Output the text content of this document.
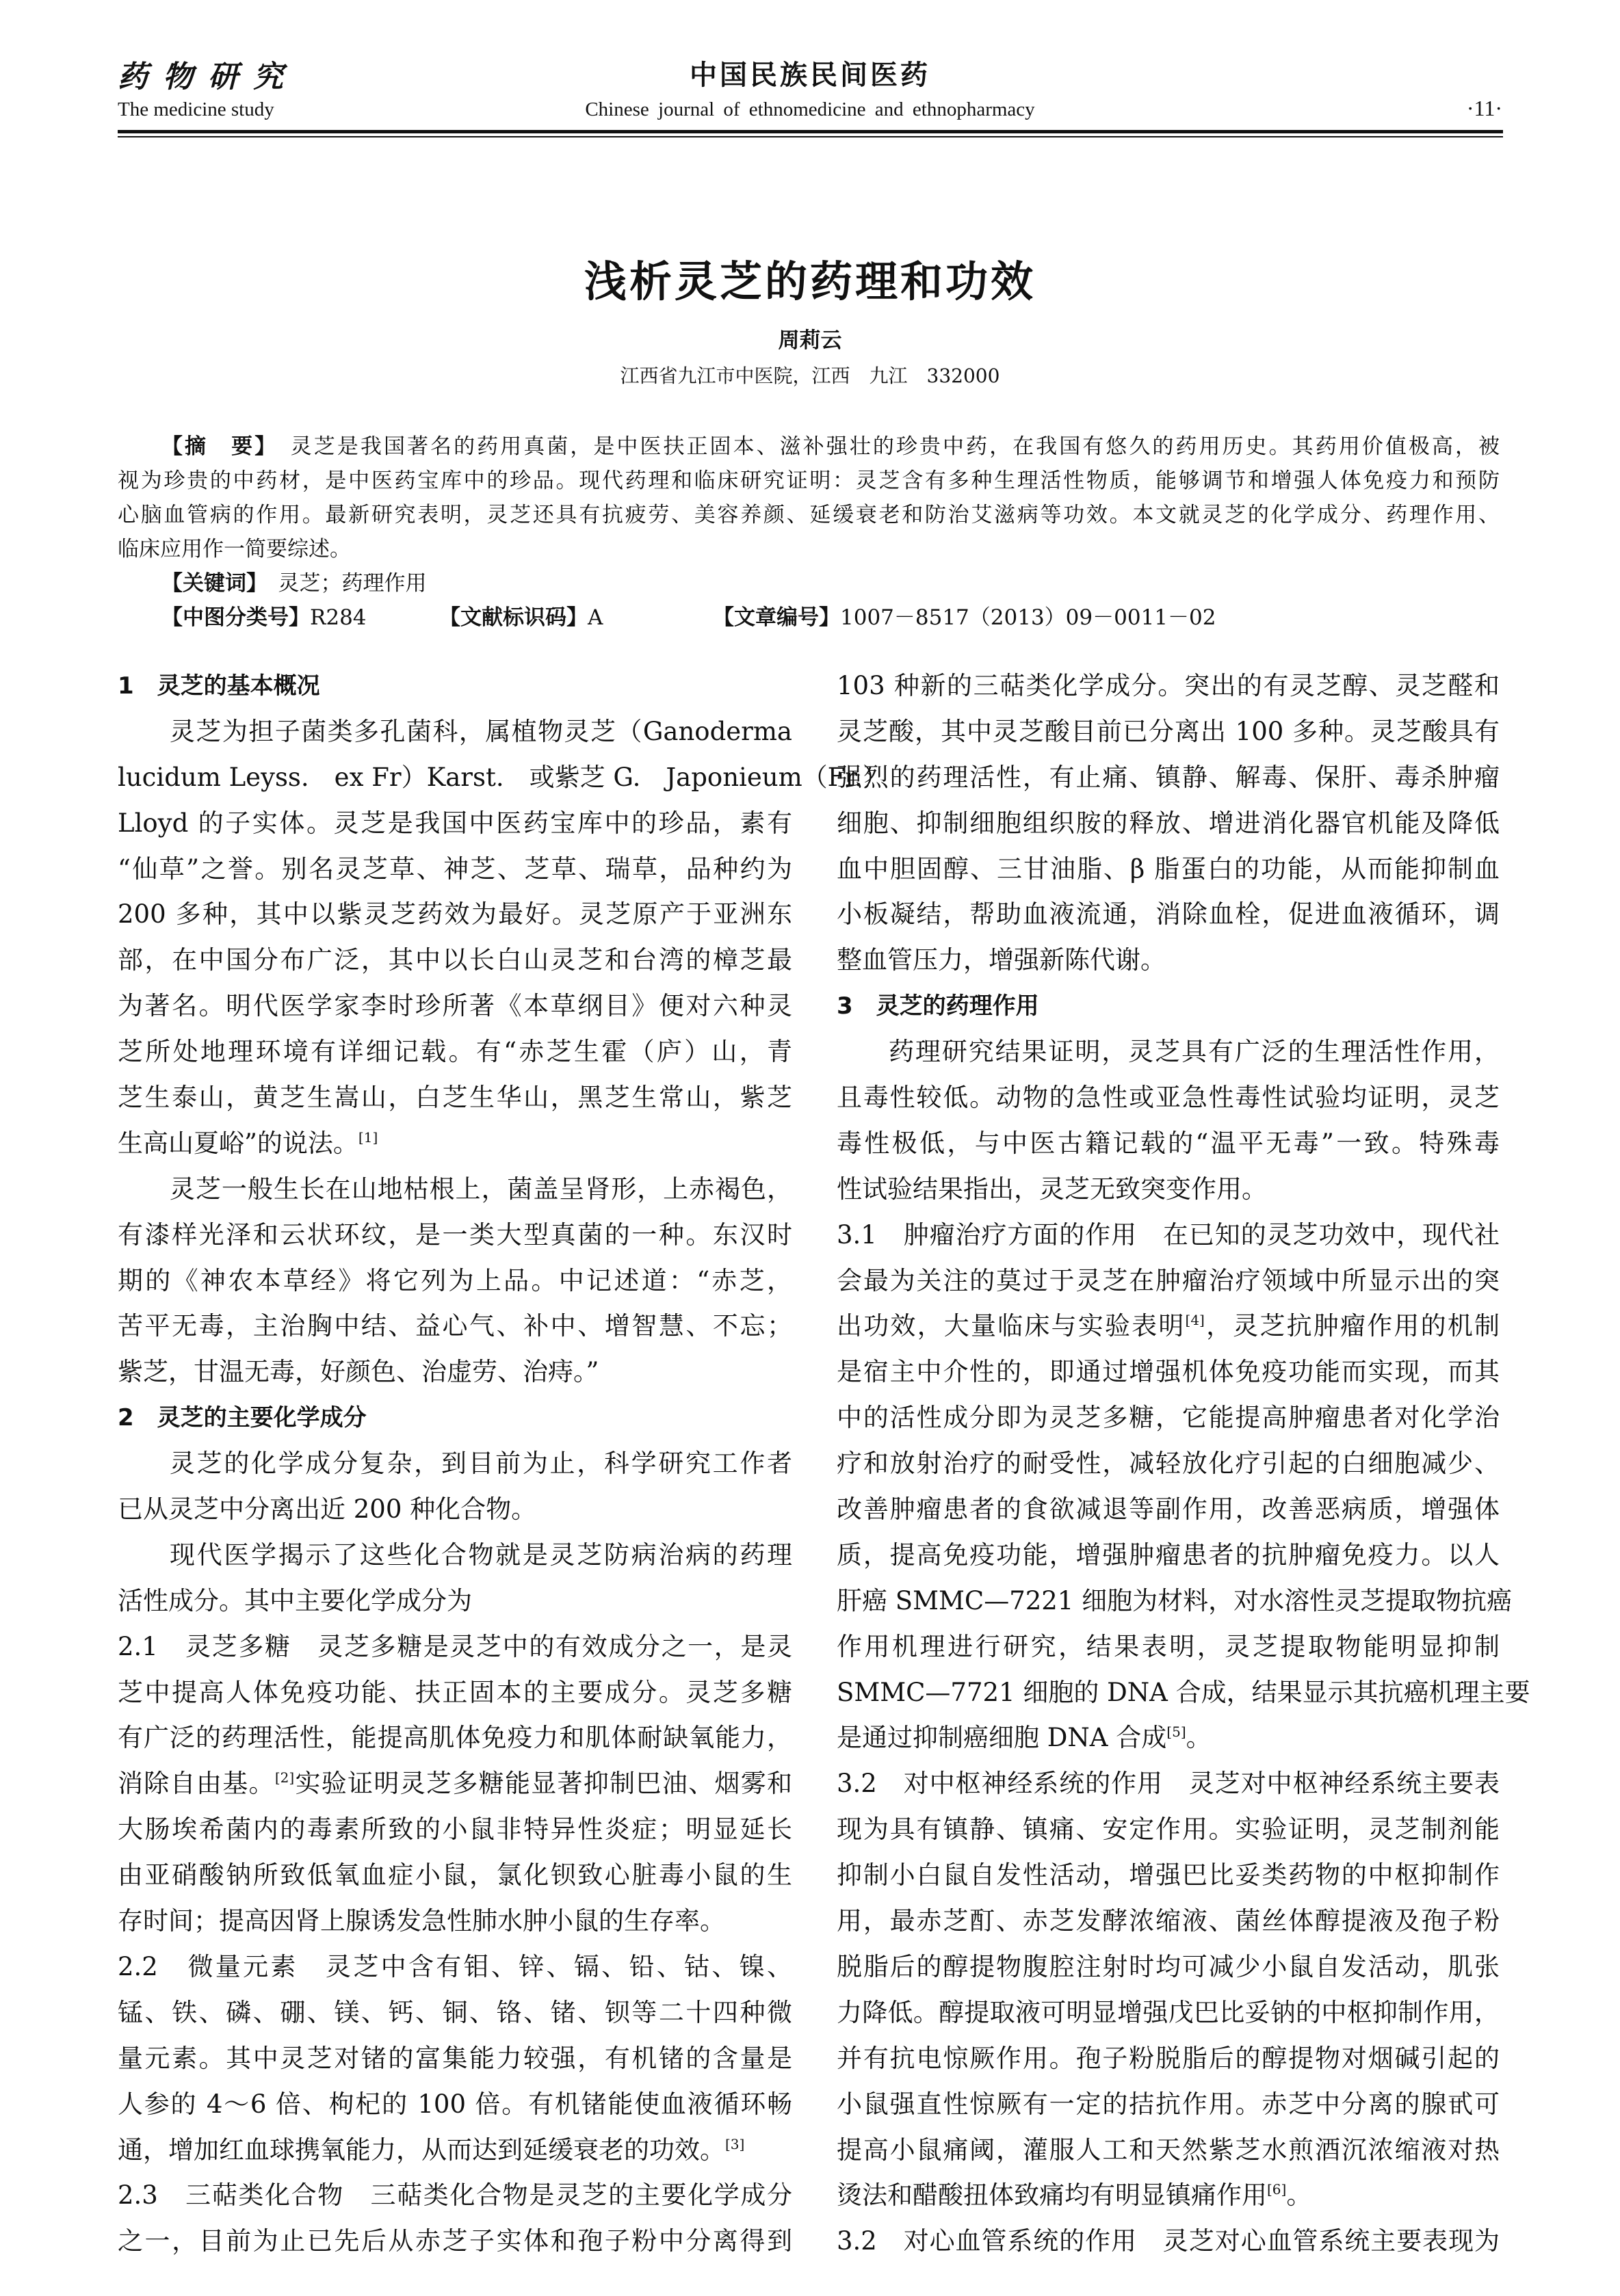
药物研究	中国民族民间医药
The medicine study	Chinese journal of ethnomedicine and ethnopharmacy	·11·
浅析灵芝的药理和功效
周莉云
江西省九江市中医院，江西　九江　332000
【摘　要】　 灵芝是我国著名的药用真菌，是中医扶正固本、滋补强壮的珍贵中药，在我国有悠久的药用历史。其药用价值极高，被
视为珍贵的中药材，是中医药宝库中的珍品。现代药理和临床研究证明：灵芝含有多种生理活性物质，能够调节和增强人体免疫力和预防
心脑血管病的作用。最新研究表明，灵芝还具有抗疲劳、美容养颜、延缓衰老和防治艾滋病等功效。本文就灵芝的化学成分、药理作用、
临床应用作一简要综述。
【关键词】　 灵芝；药理作用
【中图分类号】R284	【文献标识码】A	【文章编号】1007－8517（2013）09－0011－02
1　灵芝的基本概况
灵芝为担子菌类多孔菌科，属植物灵芝（Ganoderma
lucidum Leyss.　ex Fr）Karst.　或紫芝 G.　Japonieum（Fr.）
Lloyd 的子实体。灵芝是我国中医药宝库中的珍品，素有
“仙草”之誉。别名灵芝草、神芝、芝草、瑞草，品种约为
200 多种，其中以紫灵芝药效为最好。灵芝原产于亚洲东
部，在中国分布广泛，其中以长白山灵芝和台湾的樟芝最
为著名。明代医学家李时珍所著《本草纲目》便对六种灵
芝所处地理环境有详细记载。有“赤芝生霍（庐）山，青
芝生泰山，黄芝生嵩山，白芝生华山，黑芝生常山，紫芝
生高山夏峪”的说法。[1]
灵芝一般生长在山地枯根上，菌盖呈肾形，上赤褐色，
有漆样光泽和云状环纹，是一类大型真菌的一种。东汉时
期的《神农本草经》将它列为上品。中记述道：“赤芝，
苦平无毒，主治胸中结、益心气、补中、增智慧、不忘；
紫芝，甘温无毒，好颜色、治虚劳、治痔。”
2　灵芝的主要化学成分
灵芝的化学成分复杂，到目前为止，科学研究工作者
已从灵芝中分离出近 200 种化合物。
现代医学揭示了这些化合物就是灵芝防病治病的药理
活性成分。其中主要化学成分为
2.1　灵芝多糖　灵芝多糖是灵芝中的有效成分之一，是灵
芝中提高人体免疫功能、扶正固本的主要成分。灵芝多糖
有广泛的药理活性，能提高肌体免疫力和肌体耐缺氧能力，
消除自由基。[2]实验证明灵芝多糖能显著抑制巴油、烟雾和
大肠埃希菌内的毒素所致的小鼠非特异性炎症；明显延长
由亚硝酸钠所致低氧血症小鼠，氯化钡致心脏毒小鼠的生
存时间；提高因肾上腺诱发急性肺水肿小鼠的生存率。
2.2　微量元素　灵芝中含有钼、锌、镉、铅、钴、镍、
锰、铁、磷、硼、镁、钙、铜、铬、锗、钡等二十四种微
量元素。其中灵芝对锗的富集能力较强，有机锗的含量是
人参的 4～6 倍、枸杞的 100 倍。有机锗能使血液循环畅
通，增加红血球携氧能力，从而达到延缓衰老的功效。[3]
2.3　三萜类化合物　三萜类化合物是灵芝的主要化学成分
之一，目前为止已先后从赤芝子实体和孢子粉中分离得到
103 种新的三萜类化学成分。突出的有灵芝醇、灵芝醛和
灵芝酸，其中灵芝酸目前已分离出 100 多种。灵芝酸具有
强烈的药理活性，有止痛、镇静、解毒、保肝、毒杀肿瘤
细胞、抑制细胞组织胺的释放、增进消化器官机能及降低
血中胆固醇、三甘油脂、β 脂蛋白的功能，从而能抑制血
小板凝结，帮助血液流通，消除血栓，促进血液循环，调
整血管压力，增强新陈代谢。
3　灵芝的药理作用
药理研究结果证明，灵芝具有广泛的生理活性作用，
且毒性较低。动物的急性或亚急性毒性试验均证明，灵芝
毒性极低，与中医古籍记载的“温平无毒”一致。特殊毒
性试验结果指出，灵芝无致突变作用。
3.1　肿瘤治疗方面的作用　在已知的灵芝功效中，现代社
会最为关注的莫过于灵芝在肿瘤治疗领域中所显示出的突
出功效，大量临床与实验表明[4]，灵芝抗肿瘤作用的机制
是宿主中介性的，即通过增强机体免疫功能而实现，而其
中的活性成分即为灵芝多糖，它能提高肿瘤患者对化学治
疗和放射治疗的耐受性，减轻放化疗引起的白细胞减少、
改善肿瘤患者的食欲减退等副作用，改善恶病质，增强体
质，提高免疫功能，增强肿瘤患者的抗肿瘤免疫力。以人
肝癌 SMMC—7221 细胞为材料，对水溶性灵芝提取物抗癌
作用机理进行研究，结果表明，灵芝提取物能明显抑制
SMMC—7721 细胞的 DNA 合成，结果显示其抗癌机理主要
是通过抑制癌细胞 DNA 合成[5]。
3.2　对中枢神经系统的作用　灵芝对中枢神经系统主要表
现为具有镇静、镇痛、安定作用。实验证明，灵芝制剂能
抑制小白鼠自发性活动，增强巴比妥类药物的中枢抑制作
用，最赤芝酊、赤芝发酵浓缩液、菌丝体醇提液及孢子粉
脱脂后的醇提物腹腔注射时均可减少小鼠自发活动，肌张
力降低。醇提取液可明显增强戊巴比妥钠的中枢抑制作用，
并有抗电惊厥作用。孢子粉脱脂后的醇提物对烟碱引起的
小鼠强直性惊厥有一定的拮抗作用。赤芝中分离的腺甙可
提高小鼠痛阈，灌服人工和天然紫芝水煎酒沉浓缩液对热
烫法和醋酸扭体致痛均有明显镇痛作用[6]。
3.2　对心血管系统的作用　灵芝对心血管系统主要表现为
